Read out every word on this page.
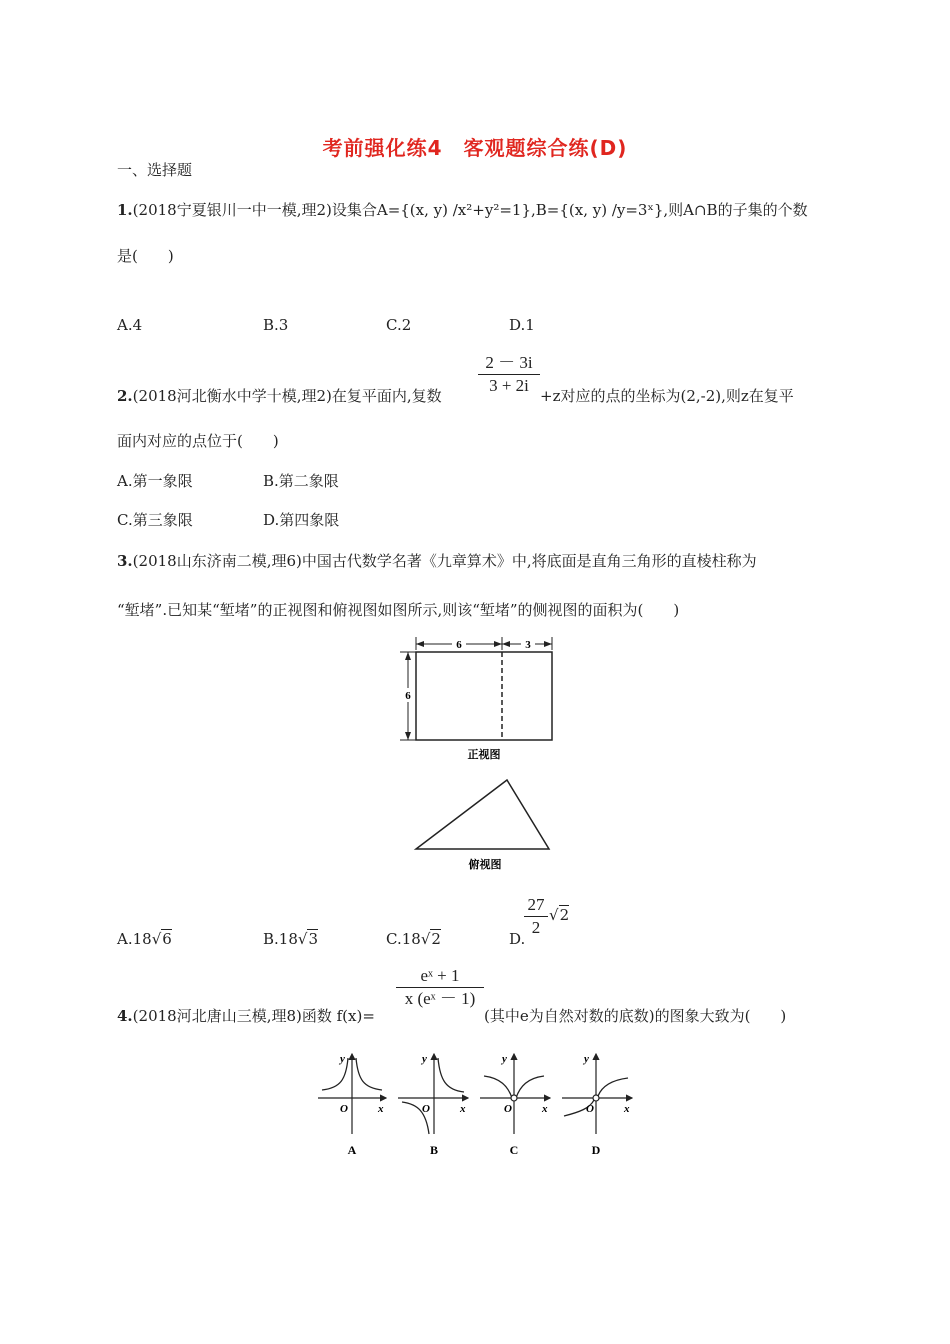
考前强化练4　客观题综合练(D)
一、选择题
1.(2018宁夏银川一中一模,理2)设集合A={(x, y) /x²+y²=1},B={(x, y) /y=3ˣ},则A∩B的子集的个数
是(　　)
A.4	B.3	C.2	D.1
2 － 3i
3 + 2i
2.(2018河北衡水中学十模,理2)在复平面内,复数	+z对应的点的坐标为(2,-2),则z在复平
面内对应的点位于(　　)
A.第一象限	B.第二象限
C.第三象限	D.第四象限
3.(2018山东济南二模,理6)中国古代数学名著《九章算术》中,将底面是直角三角形的直棱柱称为
“堑堵”.已知某“堑堵”的正视图和俯视图如图所示,则该“堑堵”的侧视图的面积为(　　)
6	3
6
正视图
俯视图
A.18√6	B.18√3	C.18√2	D.
27
2
√2
eˣ + 1
x (eˣ － 1)
4.(2018河北唐山三模,理8)函数 f(x)=	(其中e为自然对数的底数)的图象大致为(　　)
y
x
O
A
y
x
O
B
y
x
O
C
y
x
O
D
